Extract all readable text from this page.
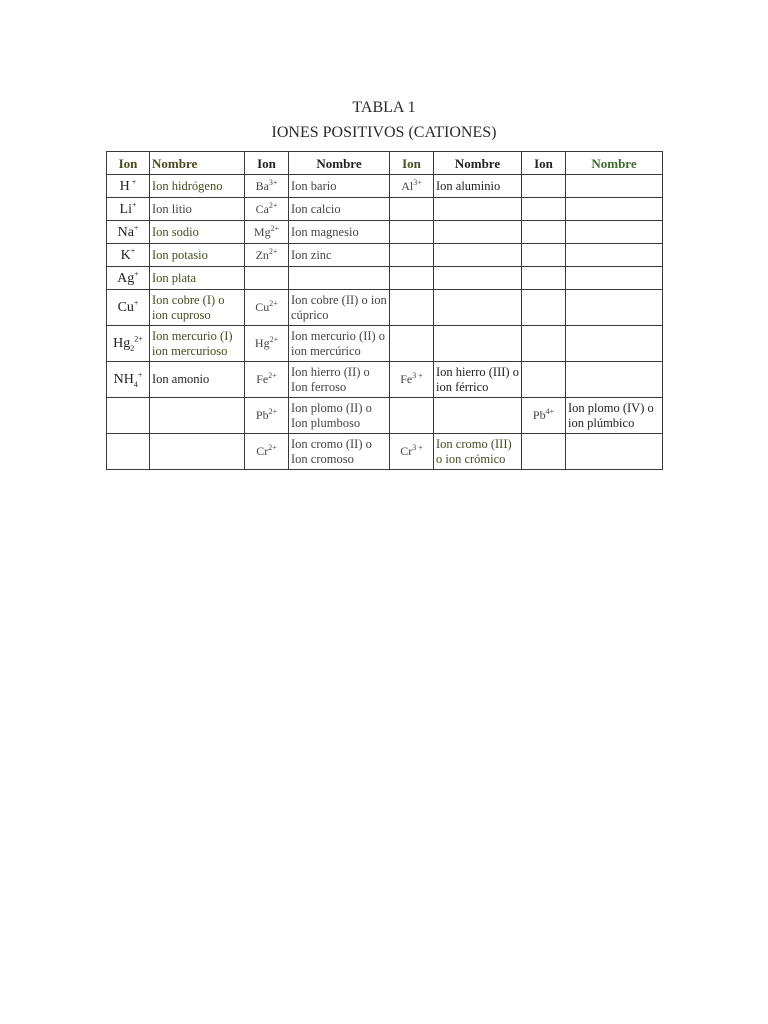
TABLA 1
IONES POSITIVOS (CATIONES)
Ion	Nombre	Ion	Nombre	Ion	Nombre	Ion	Nombre
H +	Ion hidrógeno	$Ba^{3+}$	Ion bario	$Al^{3+}$	Ion aluminio		
Li+	Ion litio	$Ca^{2+}$	Ion calcio				
Na+	Ion sodio	$Mg^{2+}$	Ion magnesio				
K+	Ion potasio	$Zn^{2+}$	Ion zinc				
Ag+	Ion plata						
Cu+	Ion cobre (I) o ion cuproso	$Cu^{2+}$	Ion cobre (II) o ion cúprico				
$Hg_2^{2+}$	Ion mercurio (I) ion mercurioso	$Hg^{2+}$	Ion mercurio (II) o ion mercúrico				
$NH_4^+$	Ion amonio	$Fe^{2+}$	Ion hierro (II) o Ion ferroso	$Fe^{3 +}$	Ion hierro (III) o ion férrico		
		$Pb^{2+}$	Ion plomo (II) o Ion plumboso			$Pb^{4+}$	Ion plomo (IV) o ion plúmbico
		$Cr^{2+}$	Ion cromo (II) o Ion cromoso	$Cr^{3 +}$	Ion cromo (III) o ion crómico		
